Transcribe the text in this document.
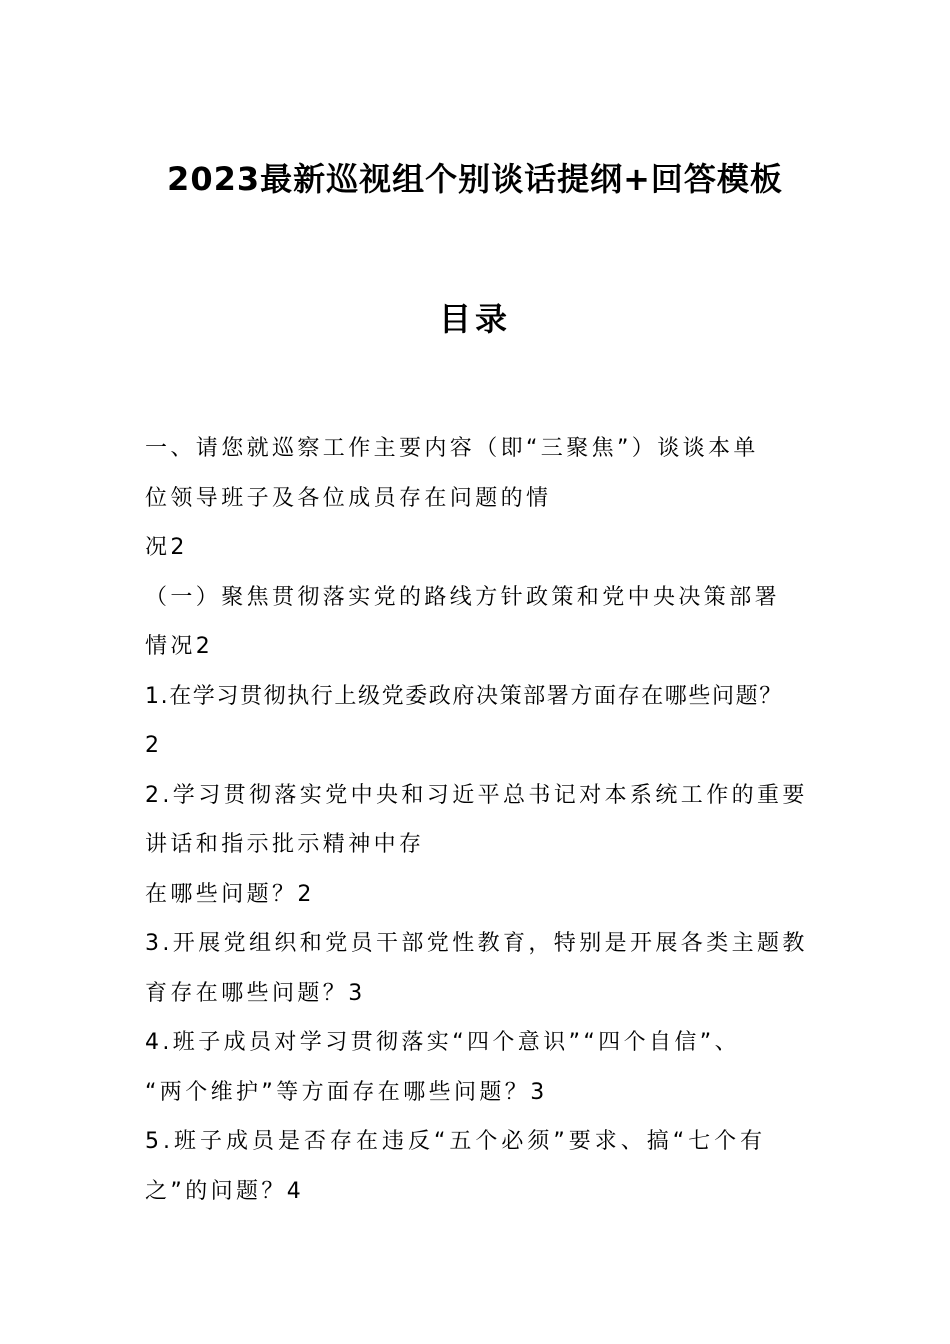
2023最新巡视组个别谈话提纲+回答模板
目录
一、请您就巡察工作主要内容（即“三聚焦”）谈谈本单
位领导班子及各位成员存在问题的情
况2
（一）聚焦贯彻落实党的路线方针政策和党中央决策部署
情况2
1.在学习贯彻执行上级党委政府决策部署方面存在哪些问题？
2
2.学习贯彻落实党中央和习近平总书记对本系统工作的重要
讲话和指示批示精神中存
在哪些问题？2
3.开展党组织和党员干部党性教育，特别是开展各类主题教
育存在哪些问题？3
4.班子成员对学习贯彻落实“四个意识”“四个自信”、
“两个维护”等方面存在哪些问题？3
5.班子成员是否存在违反“五个必须”要求、搞“七个有
之”的问题？4
